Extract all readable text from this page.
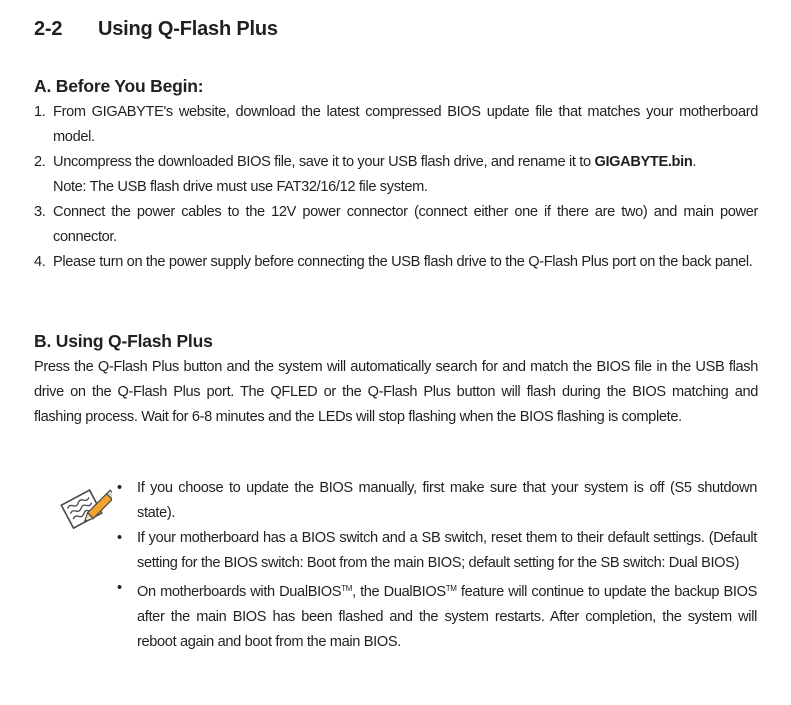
2-2	Using Q-Flash Plus
A. Before You Begin:
1. From GIGABYTE's website, download the latest compressed BIOS update file that matches your motherboard model.
2. Uncompress the downloaded BIOS file, save it to your USB flash drive, and rename it to GIGABYTE.bin.
Note: The USB flash drive must use FAT32/16/12 file system.
3. Connect the power cables to the 12V power connector (connect either one if there are two) and main power connector.
4. Please turn on the power supply before connecting the USB flash drive to the Q-Flash Plus port on the back panel.
B. Using Q-Flash Plus

Press the Q-Flash Plus button and the system will automatically search for and match the BIOS file in the USB flash drive on the Q-Flash Plus port. The QFLED or the Q-Flash Plus button will flash during the BIOS matching and flashing process. Wait for 6-8 minutes and the LEDs will stop flashing when the BIOS flashing is complete.

• If you choose to update the BIOS manually, first make sure that your system is off (S5 shutdown state).
• If your motherboard has a BIOS switch and a SB switch, reset them to their default settings. (Default setting for the BIOS switch: Boot from the main BIOS; default setting for the SB switch: Dual BIOS)
• On motherboards with DualBIOS™, the DualBIOS™ feature will continue to update the backup BIOS after the main BIOS has been flashed and the system restarts. After completion, the system will reboot again and boot from the main BIOS.
